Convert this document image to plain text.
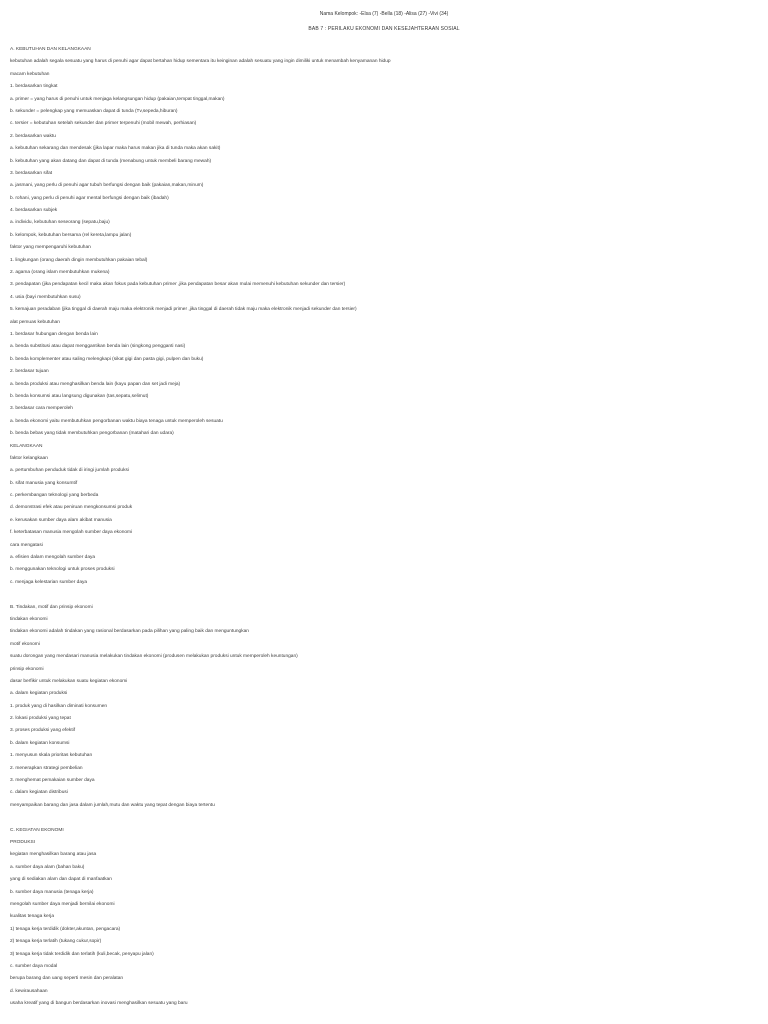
Nama Kelompok: -Elsa (7) -Bella (18) -Alisa (27) -Vivi (34)
BAB 7 : PERILAKU EKONOMI DAN KESEJAHTERAAN SOSIAL
A. KEBUTUHAN DAN KELANGKAAN
kebutuhan adalah segala sesuatu yang harus di penuhi agar dapat bertahan hidup sementara itu keinginan adalah sesuatu yang ingin dimiliki untuk menambah kenyamanan hidup
macam kebutuhan
1. berdasarkan tingkat
a. primer = yang harus di penuhi untuk menjaga kelangsungan hidup (pakaian,tempat tinggal,makan)
b. sekunder = pelengkap yang memuaskan dapat di tunda (Tv,sepeda,hiburan)
c. tersier = kebutuhan setelah sekunder dan primer terpenuhi (mobil mewah, perhiasan)
2. berdasarkan waktu
a. kebutuhan sekarang dan mendesak (jika lapar maka harus makan jika di tunda maka akan sakit)
b. kebutuhan yang akan datang dan dapat di tunda (menabung untuk membeli barang mewah)
3. berdasarkan sifat
a. jasmani, yang perlu di penuhi agar tubuh berfungsi dengan baik (pakaian,makan,minum)
b. rohani, yang perlu di penuhi agar mental berfungsi dengan baik (ibadah)
4. berdasarkan subjek
a. individu, kebutuhan seseorang (sepatu,baju)
b. kelompok, kebutuhan bersama (rel kereta,lampu jalan)
faktor yang mempengaruhi kebutuhan
1. lingkungan (orang daerah dingin membutuhkan pakaian tebal)
2. agama (orang islam membutuhkan mukena)
3. pendapatan (jika pendapatan kecil maka akan fokus pada kebutuhan primer ,jika pendapatan besar akan mulai memenuhi kebutuhan sekunder dan tersier)
4. usia (bayi membutuhkan susu)
5. kemajuan peradaban (jika tinggal di daerah maju maka elektronik menjadi primer ,jika tinggal di daerah tidak maju maka elektronik menjadi sekunder dan tersier)
alat pemuas kebutuhan
1. berdasar hubungan dengan benda lain
a. benda substitusi atau dapat menggantikan benda lain (singkong pengganti nasi)
b. benda komplementer atau saling melengkapi (sikat gigi dan pasta gigi, pulpen dan buku)
2. berdasar tujuan
a. benda produksi atau menghasilkan benda lain (kayu papan dan set jadi meja)
b. benda konsumsi atau langsung digunakan (tas,sepatu,selimut)
3. berdasar cara memperoleh
a. benda ekonomi yaitu membutuhkan pengorbanan waktu biaya tenaga untuk memperoleh sesuatu
b. benda bebas yang tidak membutuhkan pengorbanan (matahari dan udara)
KELANGKAAN
faktor kelangkaan
a. pertumbuhan penduduk tidak di iringi jumlah produksi
b. sifat manusia yang konsumtif
c. perkembangan teknologi yang berbeda
d. demonstrasi efek atau peniruan mengkonsumsi produk
e. kerusakan sumber daya alam akibat manusia
f. keterbatasan manusia mengolah sumber daya ekonomi
cara mengatasi
a. efisien dalam mengolah sumber daya
b. menggunakan teknologi untuk proses produksi
c. menjaga kelestarian sumber daya
B. Tindakan, motif dan prinsip ekonomi
tindakan ekonomi
tindakan ekonomi adalah tindakan yang rasional berdasarkan pada pilihan yang paling baik dan menguntungkan
motif ekonomi
suatu dorongan yang mendasari manusia melakukan tindakan ekonomi (produsen melakukan produksi untuk memperoleh keuntungan)
prinsip ekonomi
dasar berfikir untuk melakukan suatu kegiatan ekonomi
a. dalam kegiatan produksi
1. produk yang di hasilkan diminati konsumen
2. lokasi produksi yang tepat
3. proses produksi yang efektif
b. dalam kegiatan konsumsi
1. menyusun skala prioritas kebutuhan
2. menerapkan strategi pembelian
3. menghemat pemakaian sumber daya
c. dalam kegiatan distribusi
menyampaikan barang dan jasa dalam jumlah,mutu dan waktu yang tepat dengan biaya tertentu
C. KEGIATAN EKONOMI
PRODUKSI
kegiatan menghasilkan barang atau jasa
a. sumber daya alam (bahan baku)
yang di sediakan alam dan dapat di manfaatkan
b. sumber daya manusia (tenaga kerja)
mengolah sumber daya menjadi bernilai ekonomi
kualitas tenaga kerja
1) tenaga kerja terdidik (dokter,akuntan, pengacara)
2) tenaga kerja terlatih (tukang cukur,sopir)
3) tenaga kerja tidak terdidik dan terlatih (kuli,becak, penyapu jalan)
c. sumber daya modal
berupa barang dan uang seperti mesin dan peralatan
d. kewirausahaan
usaha kreatif yang di bangun berdasarkan inovasi menghasilkan sesuatu yang baru
